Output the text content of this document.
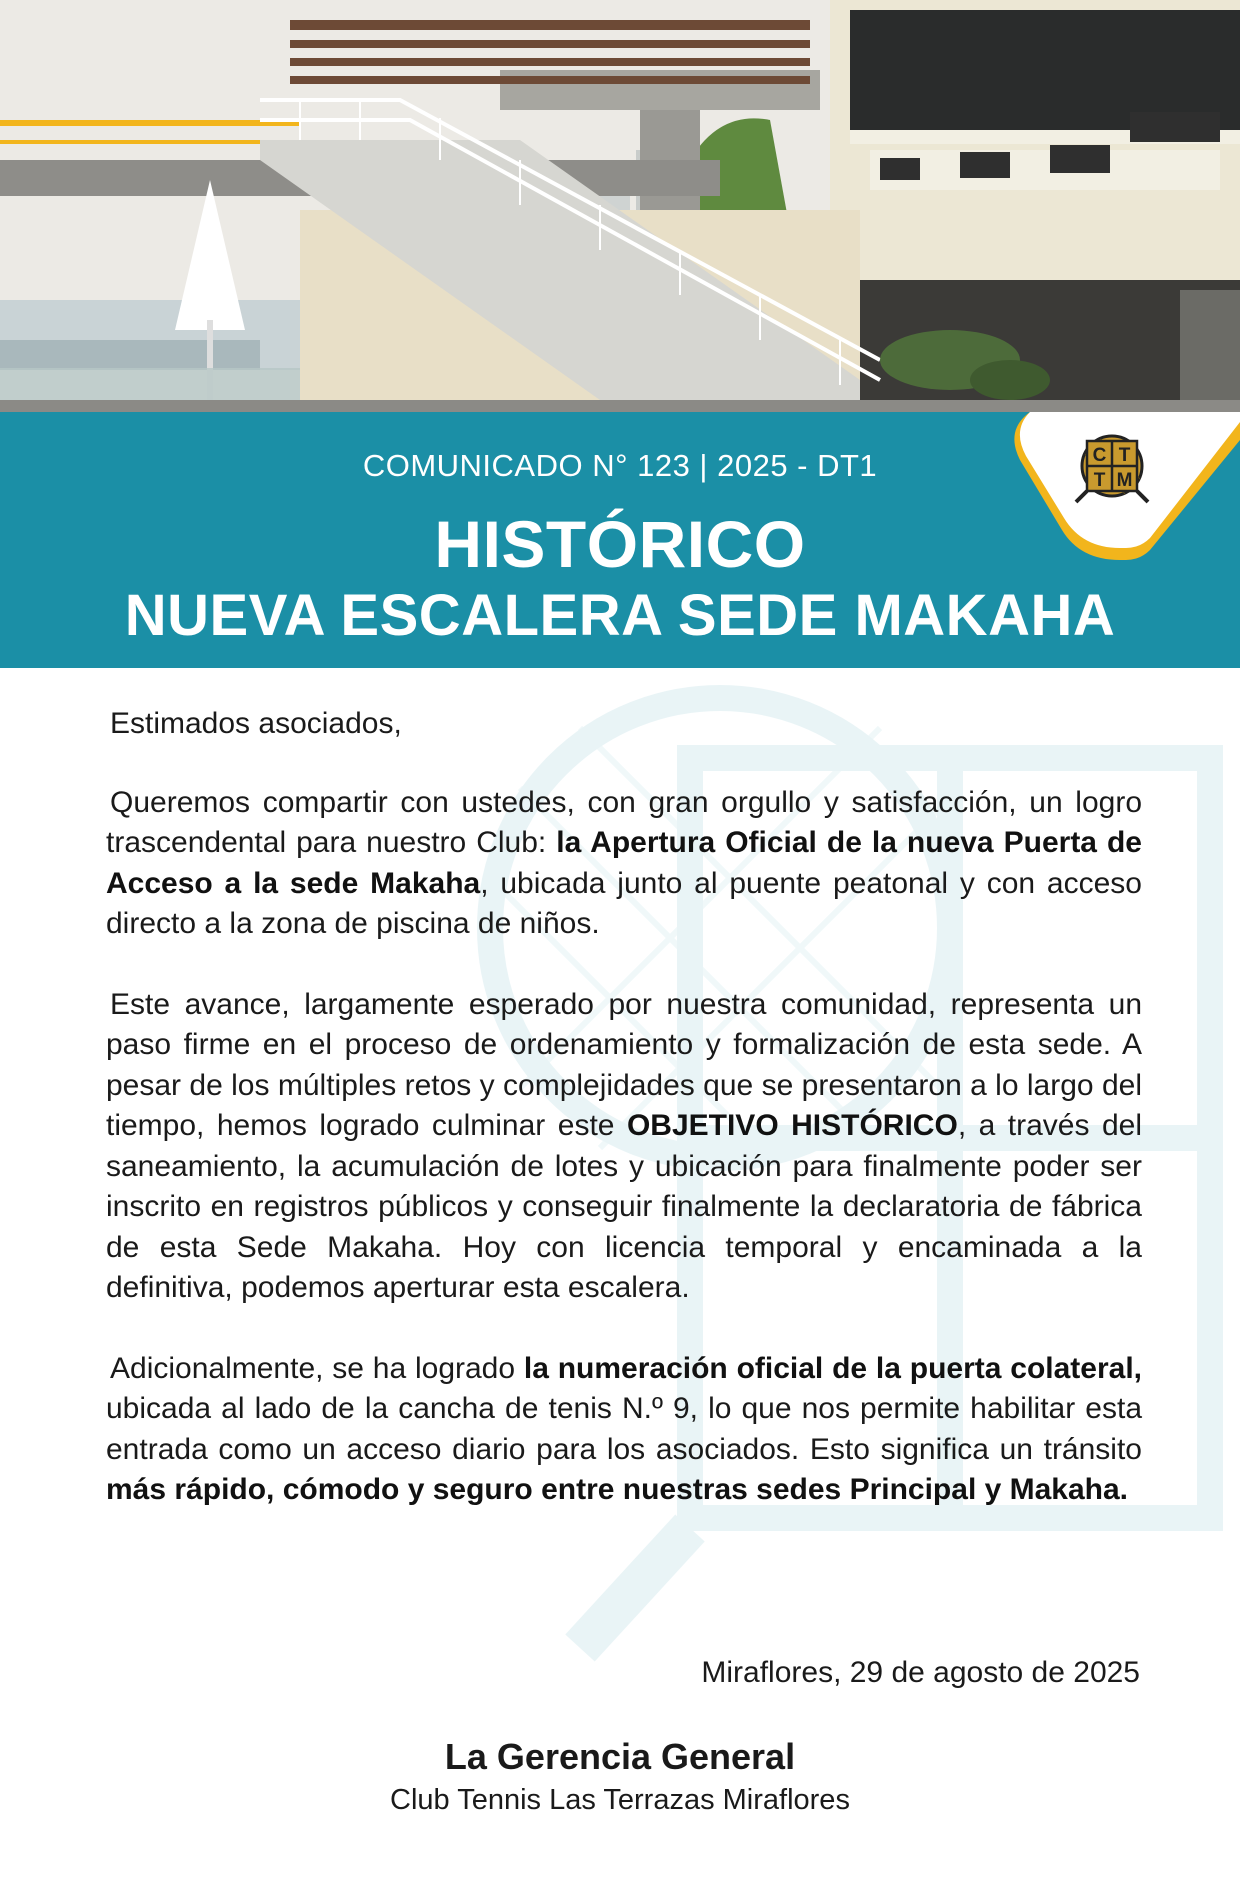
C T
T M
COMUNICADO N° 123 | 2025 - DT1
HISTÓRICO
NUEVA ESCALERA SEDE MAKAHA

Estimados asociados,

Queremos compartir con ustedes, con gran orgullo y satisfacción, un logro trascendental para nuestro Club: la Apertura Oficial de la nueva Puerta de Acceso a la sede Makaha, ubicada junto al puente peatonal y con acceso directo a la zona de piscina de niños.

Este avance, largamente esperado por nuestra comunidad, representa un paso firme en el proceso de ordenamiento y formalización de esta sede. A pesar de los múltiples retos y complejidades que se presentaron a lo largo del tiempo, hemos logrado culminar este OBJETIVO HISTÓRICO, a través del saneamiento, la acumulación de lotes y ubicación para finalmente poder ser inscrito en registros públicos y conseguir finalmente la declaratoria de fábrica de esta Sede Makaha. Hoy con licencia temporal y encaminada a la definitiva, podemos aperturar esta escalera.

Adicionalmente, se ha logrado la numeración oficial de la puerta colateral, ubicada al lado de la cancha de tenis N.º 9, lo que nos permite habilitar esta entrada como un acceso diario para los asociados. Esto significa un tránsito más rápido, cómodo y seguro entre nuestras sedes Principal y Makaha.

Miraflores, 29 de agosto de 2025
La Gerencia General
Club Tennis Las Terrazas Miraflores
